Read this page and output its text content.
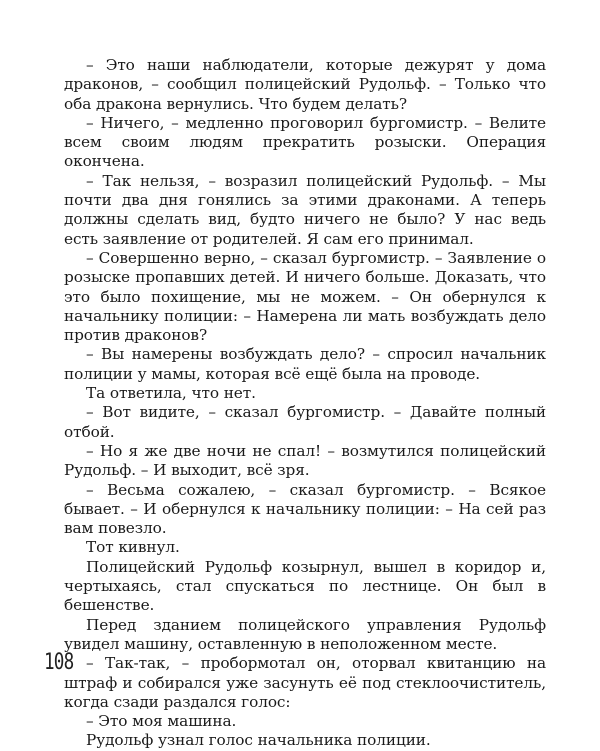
– Это наши наблюдатели, которые дежурят у дома драконов, – сообщил полицейский Рудольф. – Только что оба дракона вернулись. Что будем делать?

– Ничего, – медленно проговорил бургомистр. – Велите всем своим людям прекратить розыски. Операция окончена.

– Так нельзя, – возразил полицейский Рудольф. – Мы почти два дня гонялись за этими драконами. А теперь должны сделать вид, будто ничего не было? У нас ведь есть заявление от родителей. Я сам его принимал.

– Совершенно верно, – сказал бургомистр. – Заявление о розыске пропавших детей. И ничего больше. Доказать, что это было похищение, мы не можем. – Он обернулся к начальнику полиции: – Намерена ли мать возбуждать дело против драконов?

– Вы намерены возбуждать дело? – спросил начальник полиции у мамы, которая всё ещё была на проводе.

Та ответила, что нет.

– Вот видите, – сказал бургомистр. – Давайте полный отбой.

– Но я же две ночи не спал! – возмутился полицейский Рудольф. – И выходит, всё зря.

– Весьма сожалею, – сказал бургомистр. – Всякое бывает. – И обернулся к начальнику полиции: – На сей раз вам повезло.

Тот кивнул.

Полицейский Рудольф козырнул, вышел в коридор и, чертыхаясь, стал спускаться по лестнице. Он был в бешенстве.

Перед зданием полицейского управления Рудольф увидел машину, оставленную в неположенном месте.

– Так-так, – пробормотал он, оторвал квитанцию на штраф и собирался уже засунуть её под стеклоочиститель, когда сзади раздался голос:

– Это моя машина.

Рудольф узнал голос начальника полиции.

108
